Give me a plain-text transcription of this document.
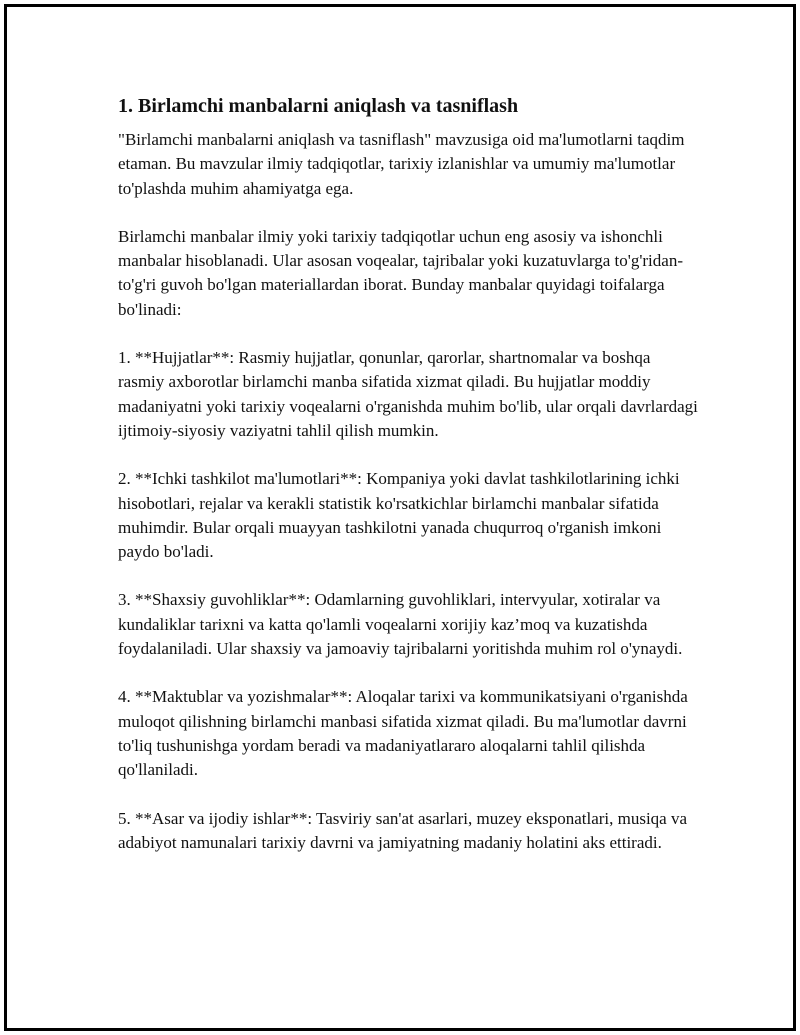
1. Birlamchi manbalarni aniqlash va tasniflash

"Birlamchi manbalarni aniqlash va tasniflash" mavzusiga oid ma'lumotlarni taqdim etaman. Bu mavzular ilmiy tadqiqotlar, tarixiy izlanishlar va umumiy ma'lumotlar to'plashda muhim ahamiyatga ega.

Birlamchi manbalar ilmiy yoki tarixiy tadqiqotlar uchun eng asosiy va ishonchli manbalar hisoblanadi. Ular asosan voqealar, tajribalar yoki kuzatuvlarga to'g'ridan-to'g'ri guvoh bo'lgan materiallardan iborat. Bunday manbalar quyidagi toifalarga bo'linadi:

1. **Hujjatlar**: Rasmiy hujjatlar, qonunlar, qarorlar, shartnomalar va boshqa rasmiy axborotlar birlamchi manba sifatida xizmat qiladi. Bu hujjatlar moddiy madaniyatni yoki tarixiy voqealarni o'rganishda muhim bo'lib, ular orqali davrlardagi ijtimoiy-siyosiy vaziyatni tahlil qilish mumkin.

2. **Ichki tashkilot ma'lumotlari**: Kompaniya yoki davlat tashkilotlarining ichki hisobotlari, rejalar va kerakli statistik ko'rsatkichlar birlamchi manbalar sifatida muhimdir. Bular orqali muayyan tashkilotni yanada chuqurroq o'rganish imkoni paydo bo'ladi.

3. **Shaxsiy guvohliklar**: Odamlarning guvohliklari, intervyular, xotiralar va kundaliklar tarixni va katta qo'lamli voqealarni xorijiy kaz’moq va kuzatishda foydalaniladi. Ular shaxsiy va jamoaviy tajribalarni yoritishda muhim rol o'ynaydi.

4. **Maktublar va yozishmalar**: Aloqalar tarixi va kommunikatsiyani o'rganishda muloqot qilishning birlamchi manbasi sifatida xizmat qiladi. Bu ma'lumotlar davrni to'liq tushunishga yordam beradi va madaniyatlararo aloqalarni tahlil qilishda qo'llaniladi.

5. **Asar va ijodiy ishlar**: Tasviriy san'at asarlari, muzey eksponatlari, musiqa va adabiyot namunalari tarixiy davrni va jamiyatning madaniy holatini aks ettiradi.
